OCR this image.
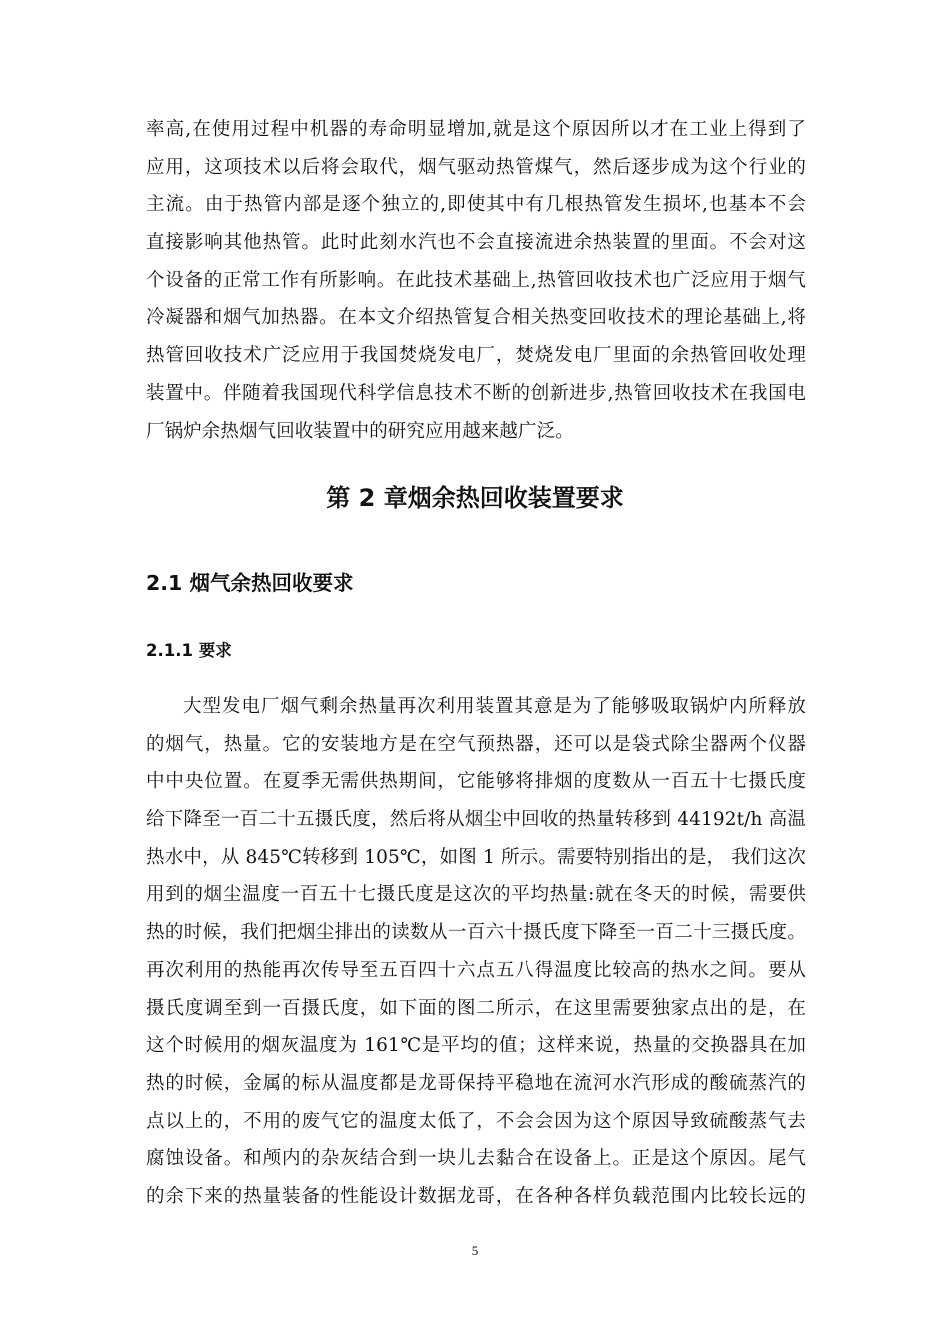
率高,在使用过程中机器的寿命明显增加,就是这个原因所以才在工业上得到了
应用，这项技术以后将会取代，烟气驱动热管煤气，然后逐步成为这个行业的
主流。由于热管内部是逐个独立的,即使其中有几根热管发生损坏,也基本不会
直接影响其他热管。此时此刻水汽也不会直接流进余热装置的里面。不会对这
个设备的正常工作有所影响。在此技术基础上,热管回收技术也广泛应用于烟气
冷凝器和烟气加热器。在本文介绍热管复合相关热变回收技术的理论基础上,将
热管回收技术广泛应用于我国焚烧发电厂，焚烧发电厂里面的余热管回收处理
装置中。伴随着我国现代科学信息技术不断的创新进步,热管回收技术在我国电
厂锅炉余热烟气回收装置中的研究应用越来越广泛。
第 2 章烟余热回收装置要求
2.1 烟气余热回收要求
2.1.1 要求
大型发电厂烟气剩余热量再次利用装置其意是为了能够吸取锅炉内所释放
的烟气，热量。它的安装地方是在空气预热器，还可以是袋式除尘器两个仪器
中中央位置。在夏季无需供热期间，它能够将排烟的度数从一百五十七摄氏度
给下降至一百二十五摄氏度，然后将从烟尘中回收的热量转移到 44192t/h 高温
热水中，从 845℃转移到 105℃，如图 1 所示。需要特别指出的是， 我们这次
用到的烟尘温度一百五十七摄氏度是这次的平均热量:就在冬天的时候，需要供
热的时候，我们把烟尘排出的读数从一百六十摄氏度下降至一百二十三摄氏度。
再次利用的热能再次传导至五百四十六点五八得温度比较高的热水之间。要从
摄氏度调至到一百摄氏度，如下面的图二所示，在这里需要独家点出的是，在
这个时候用的烟灰温度为 161℃是平均的值；这样来说，热量的交换器具在加
热的时候，金属的标从温度都是龙哥保持平稳地在流河水汽形成的酸硫蒸汽的
点以上的，不用的废气它的温度太低了，不会会因为这个原因导致硫酸蒸气去
腐蚀设备。和颅内的杂灰结合到一块儿去黏合在设备上。正是这个原因。尾气
的余下来的热量装备的性能设计数据龙哥，在各种各样负载范围内比较长远的
5
